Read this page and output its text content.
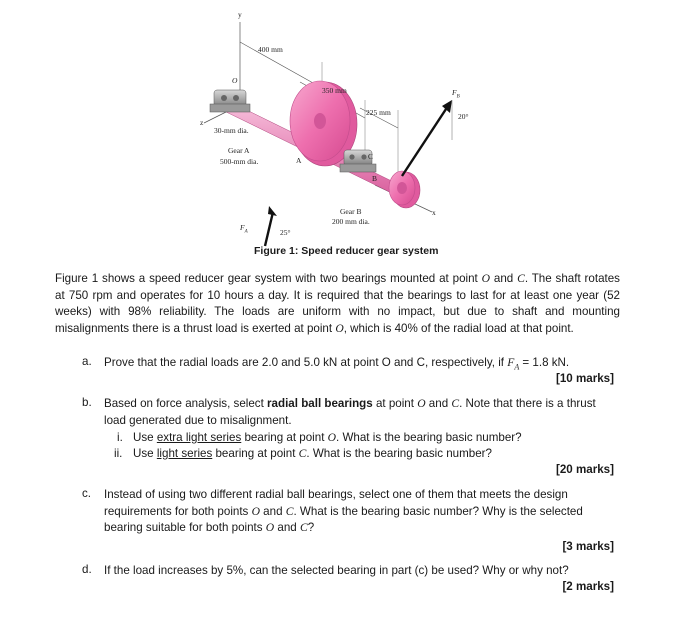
y
z
x
O
A
B
C
400 mm
350 mm
225 mm
30-mm dia.
Gear A
500-mm dia.
Gear B
200 mm dia.
$F_A$	25°
$F_B$
20°
Figure 1: Speed reducer gear system
Figure 1 shows a speed reducer gear system with two bearings mounted at point O and C. The shaft rotates at 750 rpm and operates for 10 hours a day. It is required that the bearings to last for at least one year (52 weeks) with 98% reliability. The loads are uniform with no impact, but due to shaft and mounting misalignments there is a thrust load is exerted at point O, which is 40% of the radial load at that point.
a. Prove that the radial loads are 2.0 and 5.0 kN at point O and C, respectively, if $F_A = 1.8$ kN.
[10 marks]
b. Based on force analysis, select radial ball bearings at point O and C. Note that there is a thrust load generated due to misalignment.
i. Use extra light series bearing at point O. What is the bearing basic number?
ii. Use light series bearing at point C. What is the bearing basic number?
[20 marks]
c. Instead of using two different radial ball bearings, select one of them that meets the design requirements for both points O and C. What is the bearing basic number? Why is the selected bearing suitable for both points O and C?
[3 marks]
d. If the load increases by 5%, can the selected bearing in part (c) be used? Why or why not?
[2 marks]
